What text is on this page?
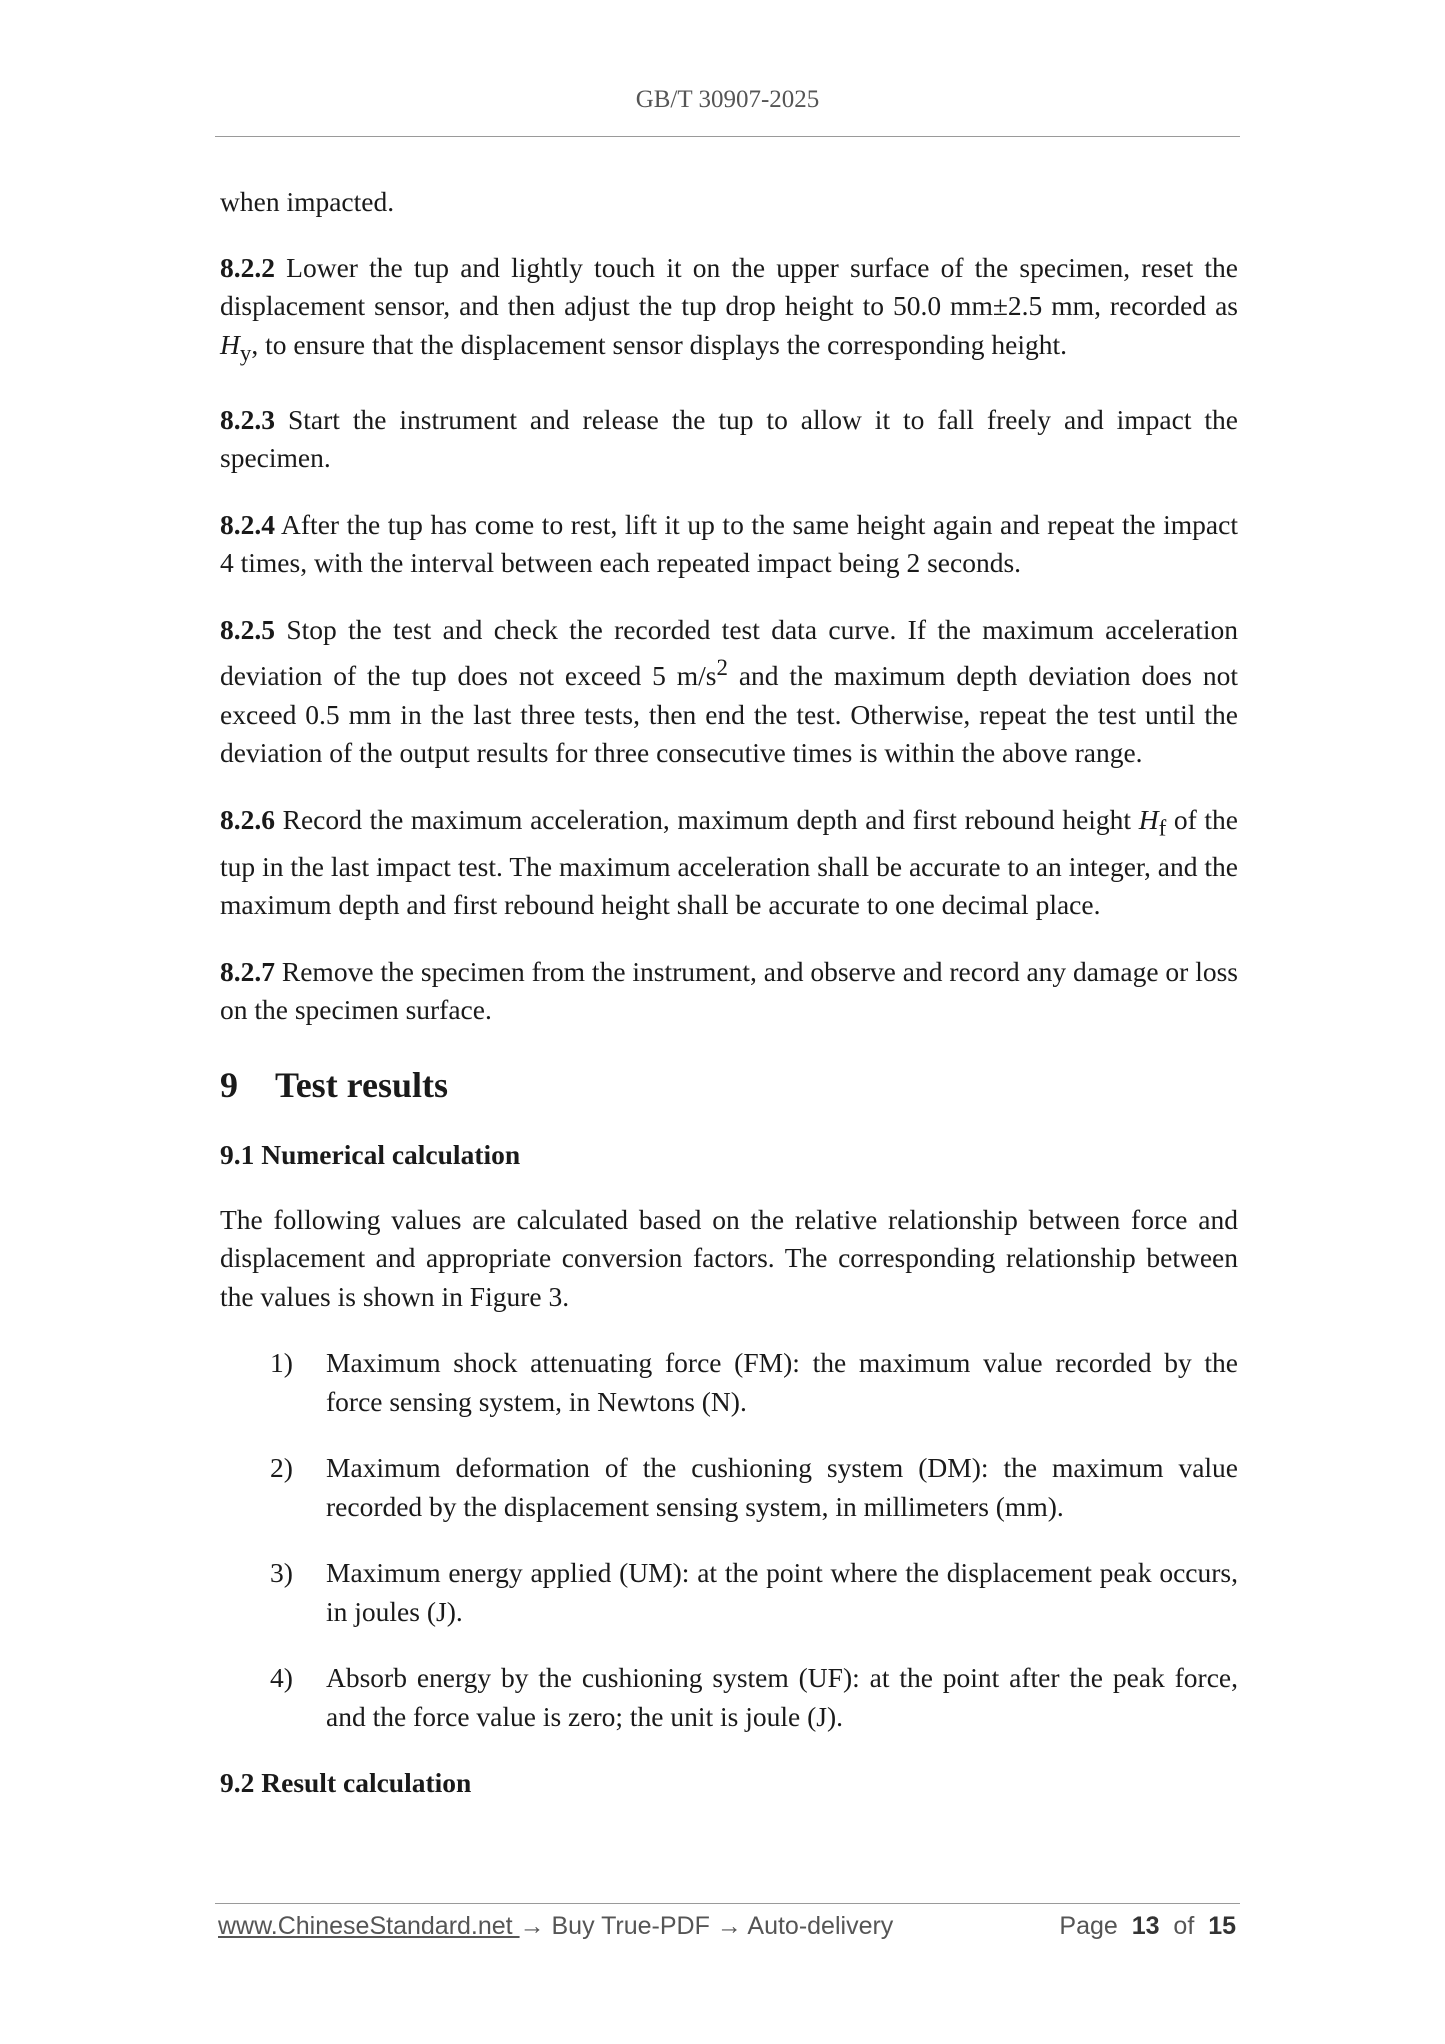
GB/T 30907-2025

when impacted.

8.2.2 Lower the tup and lightly touch it on the upper surface of the specimen, reset the displacement sensor, and then adjust the tup drop height to 50.0 mm±2.5 mm, recorded as $H_y$, to ensure that the displacement sensor displays the corresponding height.

8.2.3 Start the instrument and release the tup to allow it to fall freely and impact the specimen.

8.2.4 After the tup has come to rest, lift it up to the same height again and repeat the impact 4 times, with the interval between each repeated impact being 2 seconds.

8.2.5 Stop the test and check the recorded test data curve. If the maximum acceleration deviation of the tup does not exceed 5 $m/s^2$ and the maximum depth deviation does not exceed 0.5 mm in the last three tests, then end the test. Otherwise, repeat the test until the deviation of the output results for three consecutive times is within the above range.

8.2.6 Record the maximum acceleration, maximum depth and first rebound height $H_f$ of the tup in the last impact test. The maximum acceleration shall be accurate to an integer, and the maximum depth and first rebound height shall be accurate to one decimal place.

8.2.7 Remove the specimen from the instrument, and observe and record any damage or loss on the specimen surface.

9 Test results
9.1 Numerical calculation

The following values are calculated based on the relative relationship between force and displacement and appropriate conversion factors. The corresponding relationship between the values is shown in Figure 3.

1) Maximum shock attenuating force (FM): the maximum value recorded by the force sensing system, in Newtons (N).
2) Maximum deformation of the cushioning system (DM): the maximum value recorded by the displacement sensing system, in millimeters (mm).
3) Maximum energy applied (UM): at the point where the displacement peak occurs, in joules (J).
4) Absorb energy by the cushioning system (UF): at the point after the peak force, and the force value is zero; the unit is joule (J).
9.2 Result calculation
www.ChineseStandard.net → Buy True-PDF → Auto-delivery	Page 13 of 15
